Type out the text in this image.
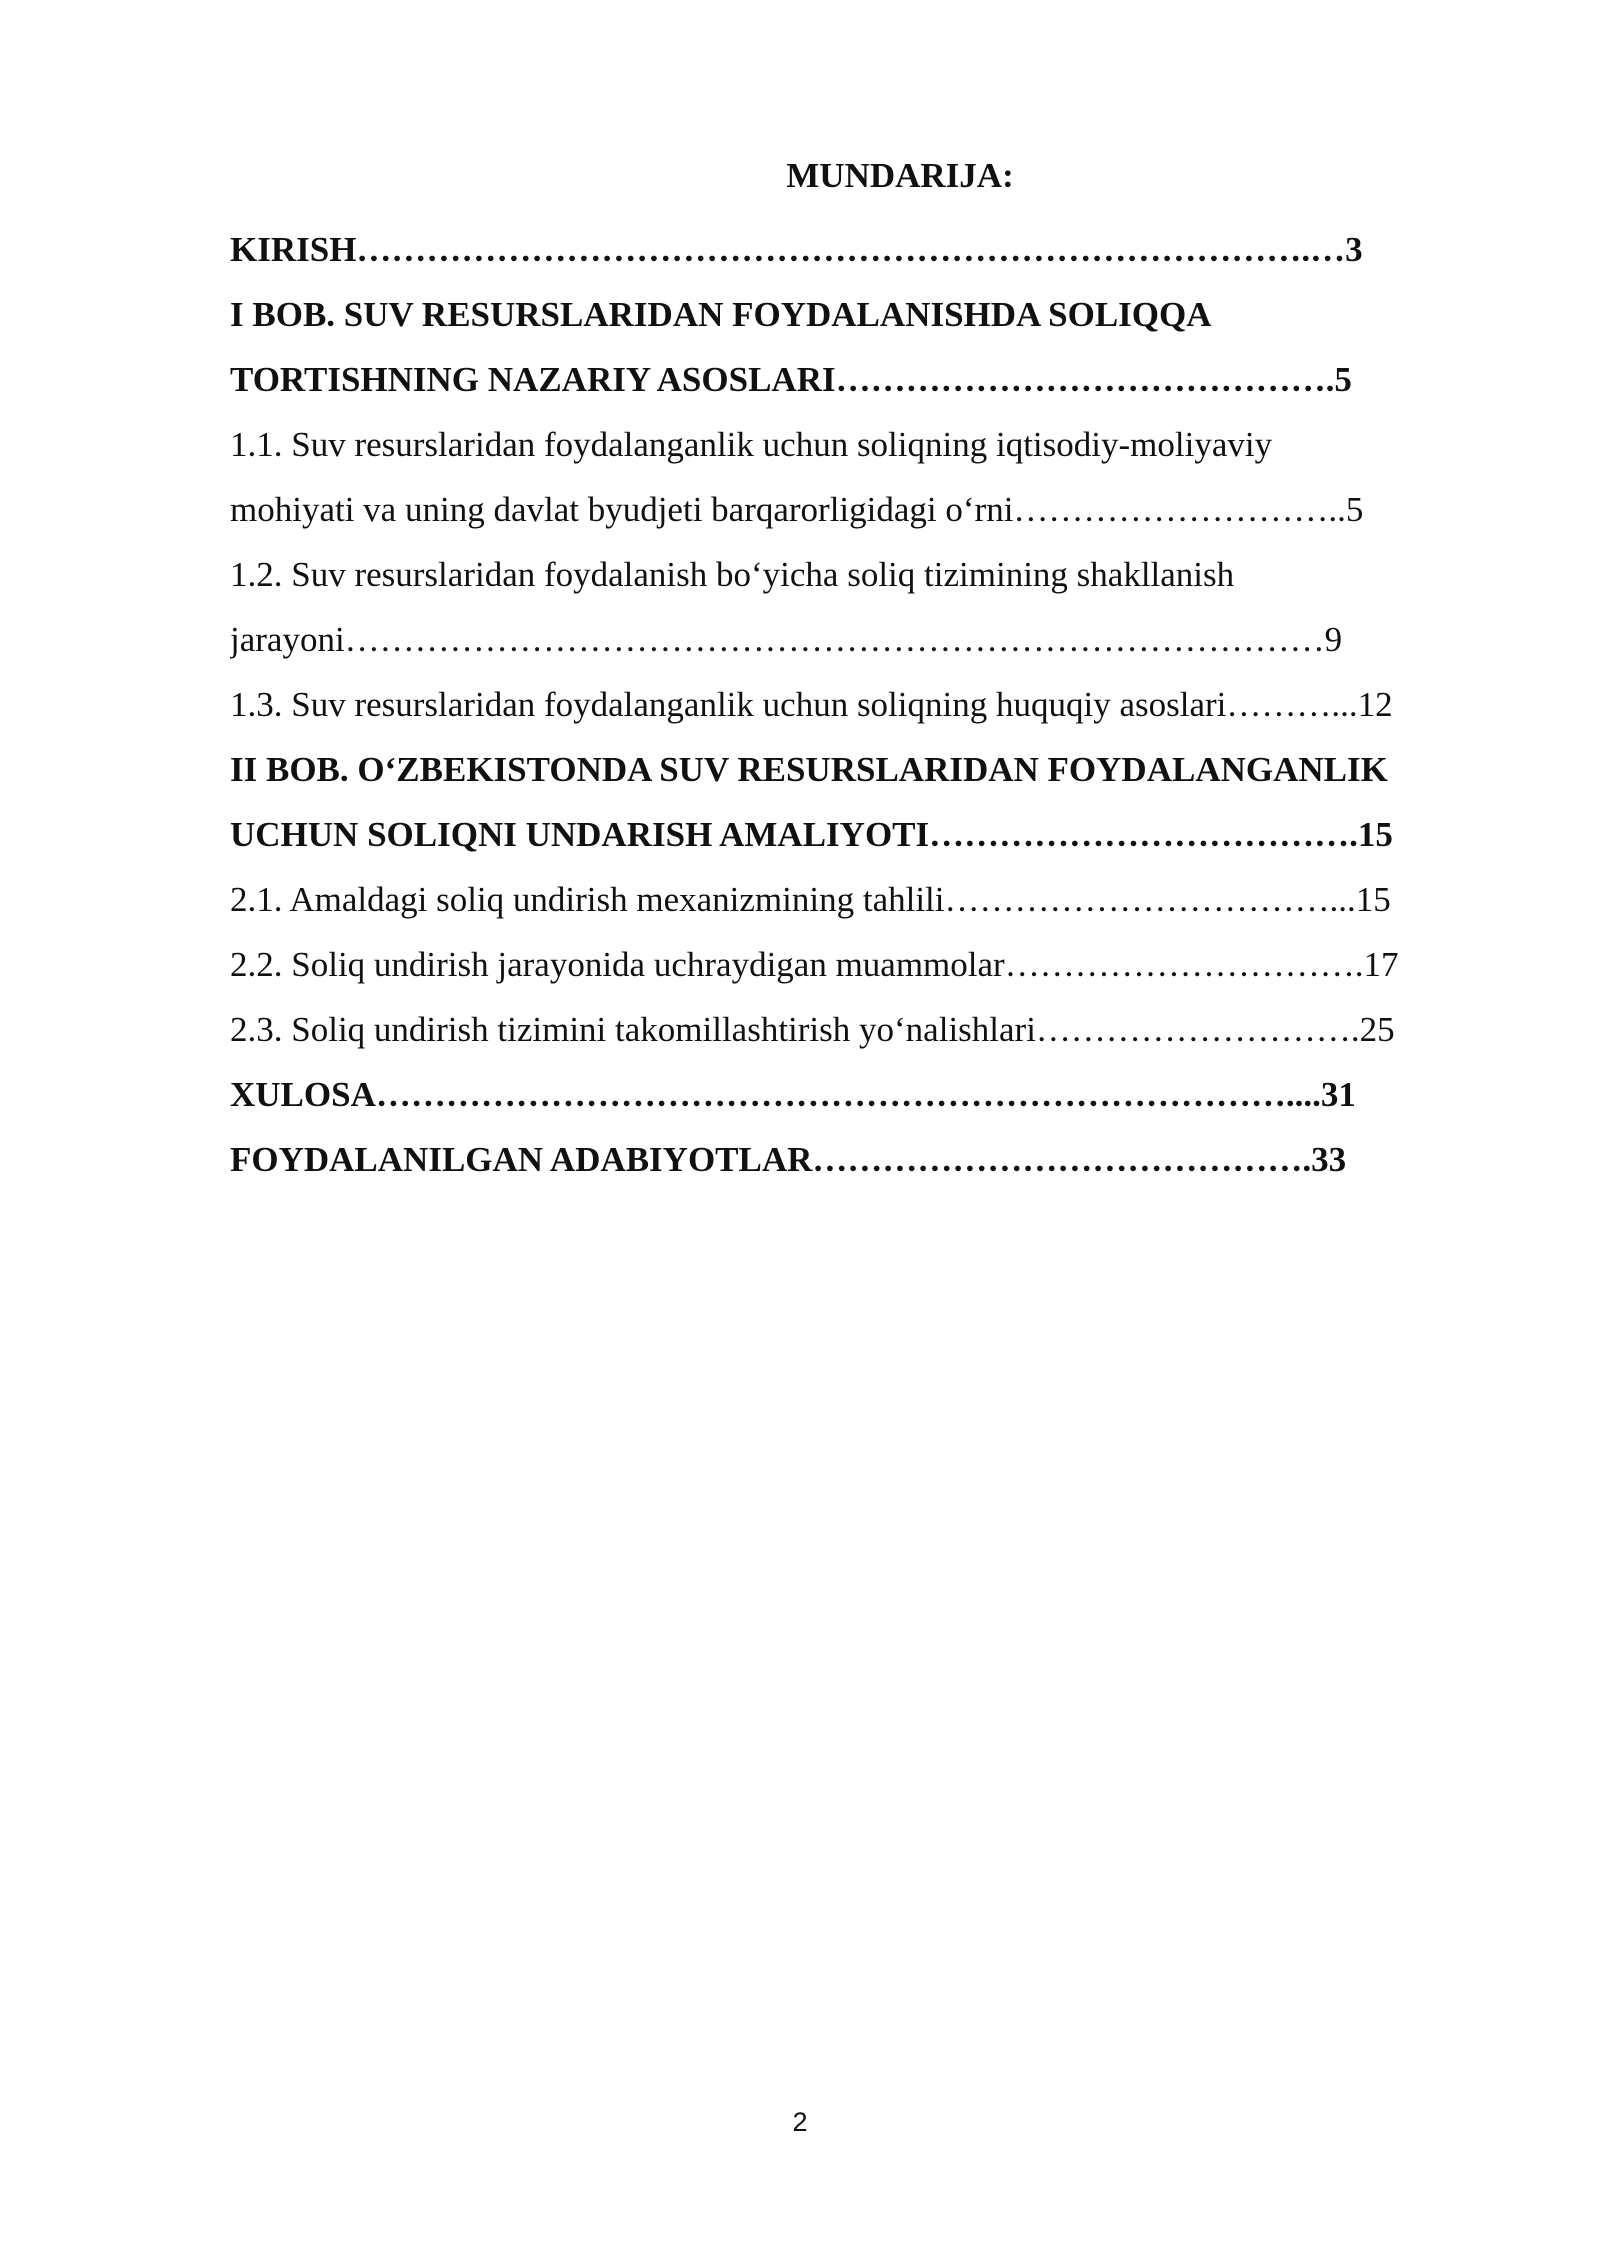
MUNDARIJA:
KIRISH……………………………………………………………………….…3
I BOB. SUV RESURSLARIDAN FOYDALANISHDA SOLIQQA
TORTISHNING NAZARIY ASOSLARI…………………………………….5
1.1. Suv resurslaridan foydalanganlik uchun soliqning iqtisodiy-moliyaviy
mohiyati va uning davlat byudjeti barqarorligidagi o‘rni………………………..5
1.2. Suv resurslaridan foydalanish bo‘yicha soliq tizimining shakllanish
jarayoni…………………………………………………………………………9
1.3. Suv resurslaridan foydalanganlik uchun soliqning huquqiy asoslari………...12
II BOB. O‘ZBEKISTONDA SUV RESURSLARIDAN FOYDALANGANLIK
UCHUN SOLIQNI UNDARISH AMALIYOTI……………………………….15
2.1. Amaldagi soliq undirish mexanizmining tahlili……………………………...15
2.2. Soliq undirish jarayonida uchraydigan muammolar………………………….17
2.3. Soliq undirish tizimini takomillashtirish yo‘nalishlari……………………….25
XULOSA……………………………………………………………………....31
FOYDALANILGAN ADABIYOTLAR…………………………………….33
2
